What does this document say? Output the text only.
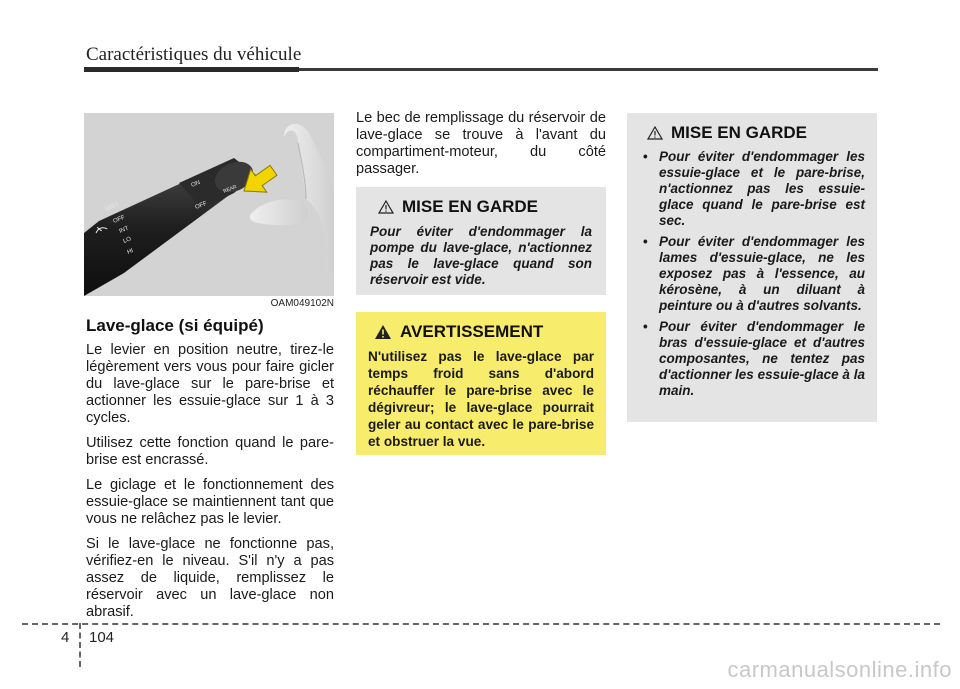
Caractéristiques du véhicule
MIST
OFF
INT
LO
HI
ON
OFF
REAR
OAM049102N
Lave-glace (si équipé)

Le levier en position neutre, tirez-le légèrement vers vous pour faire gicler du lave-glace sur le pare-brise et actionner les essuie-glace sur 1 à 3 cycles.

Utilisez cette fonction quand le pare-brise est encrassé.

Le giclage et le fonctionnement des essuie-glace se maintiennent tant que vous ne relâchez pas le levier.

Si le lave-glace ne fonctionne pas, vérifiez-en le niveau. S'il n'y a pas assez de liquide, remplissez le réservoir avec un lave-glace non abrasif.

Le bec de remplissage du réservoir de lave-glace se trouve à l'avant du compartiment-moteur, du côté passager.
MISE EN GARDE
Pour éviter d'endommager la pompe du lave-glace, n'actionnez pas le lave-glace quand son réservoir est vide.
AVERTISSEMENT
N'utilisez pas le lave-glace par temps froid sans d'abord réchauffer le pare-brise avec le dégivreur; le lave-glace pourrait geler au contact avec le pare-brise et obstruer la vue.
MISE EN GARDE
• Pour éviter d'endommager les essuie-glace et le pare-brise, n'actionnez pas les essuie-glace quand le pare-brise est sec.
• Pour éviter d'endommager les lames d'essuie-glace, ne les exposez pas à l'essence, au kérosène, à un diluant à peinture ou à d'autres solvants.
• Pour éviter d'endommager le bras d'essuie-glace et d'autres composantes, ne tentez pas d'actionner les essuie-glace à la main.
4 104
carmanualsonline.info
